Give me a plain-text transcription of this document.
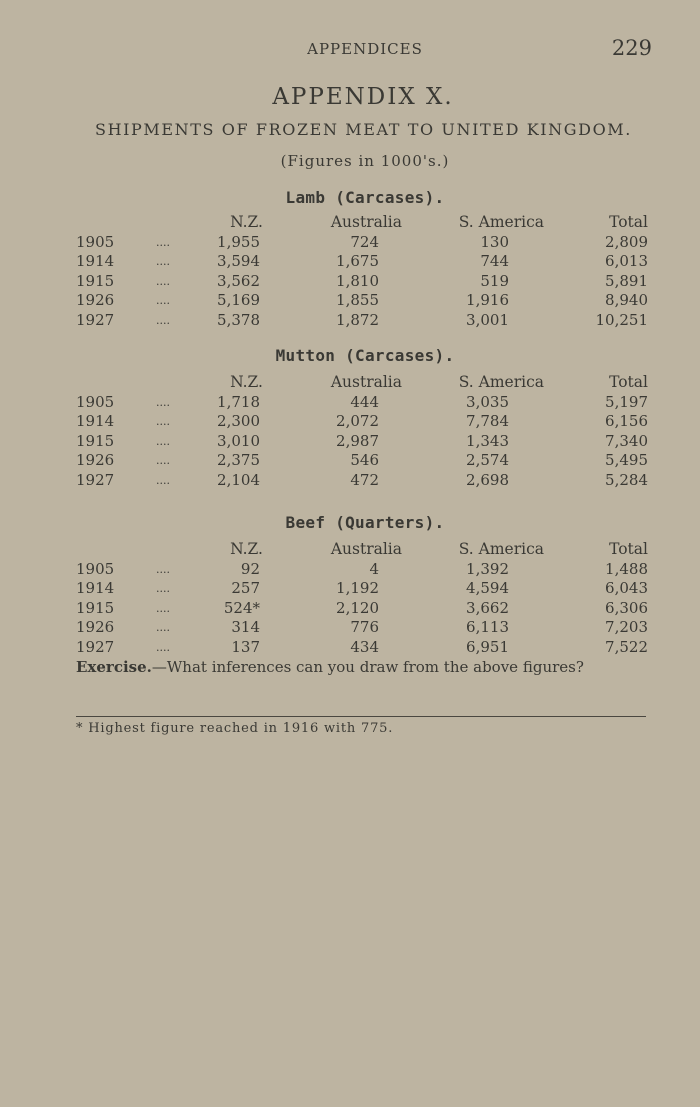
APPENDICES	229
APPENDIX X.
SHIPMENTS OF FROZEN MEAT TO UNITED KINGDOM.
(Figures in 1000's.)
Lamb (Carcases).
N.Z.	Australia	S. America	Total
1905	....	1,955	724	130	2,809
1914	....	3,594	1,675	744	6,013
1915	....	3,562	1,810	519	5,891
1926	....	5,169	1,855	1,916	8,940
1927	....	5,378	1,872	3,001	10,251
Mutton (Carcases).
N.Z.	Australia	S. America	Total
1905	....	1,718	444	3,035	5,197
1914	....	2,300	2,072	7,784	6,156
1915	....	3,010	2,987	1,343	7,340
1926	....	2,375	546	2,574	5,495
1927	....	2,104	472	2,698	5,284
Beef (Quarters).
N.Z.	Australia	S. America	Total
1905	....	92	4	1,392	1,488
1914	....	257	1,192	4,594	6,043
1915	....	524*	2,120	3,662	6,306
1926	....	314	776	6,113	7,203
1927	....	137	434	6,951	7,522
Exercise.—What inferences can you draw from the above figures?
* Highest figure reached in 1916 with 775.
